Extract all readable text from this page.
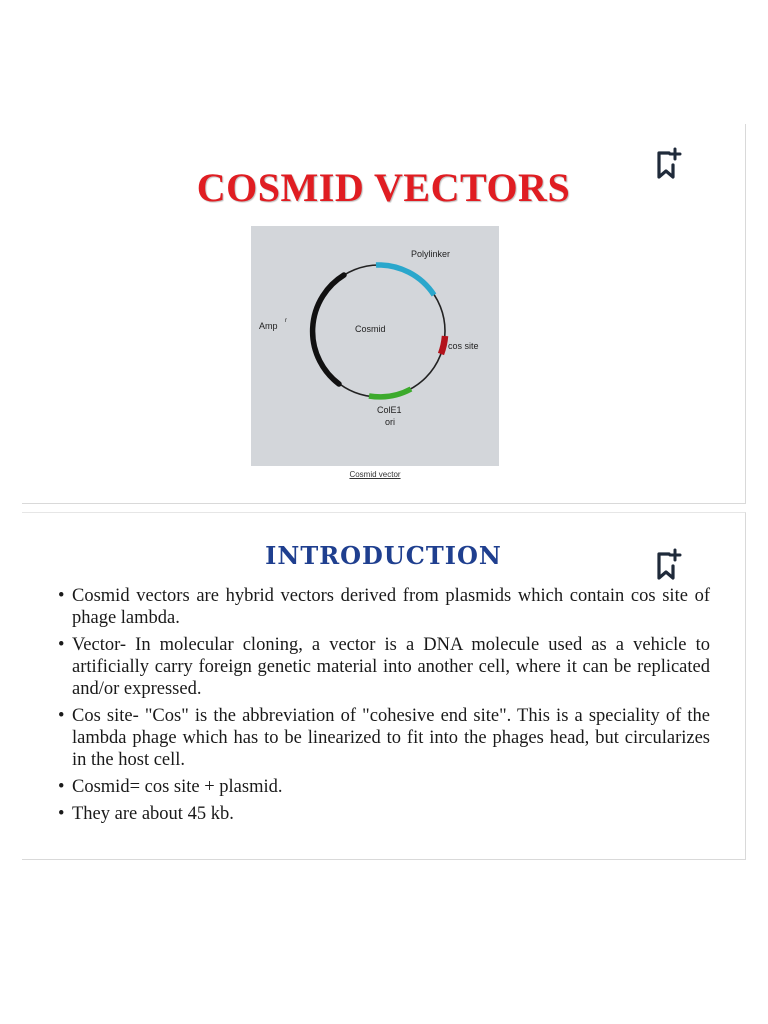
COSMID VECTORS
Polylinker
Amp r
Cosmid
cos site
ColE1
ori
Cosmid vector
INTRODUCTION
• Cosmid vectors are hybrid vectors derived from plasmids which contain cos site of phage lambda.
• Vector- In molecular cloning, a vector is a DNA molecule used as a vehicle to artificially carry foreign genetic material into another cell, where it can be replicated and/or expressed.
• Cos site- "Cos" is the abbreviation of "cohesive end site". This is a speciality of the lambda phage which has to be linearized to fit into the phages head, but circularizes in the host cell.
• Cosmid= cos site + plasmid.
• They are about 45 kb.
